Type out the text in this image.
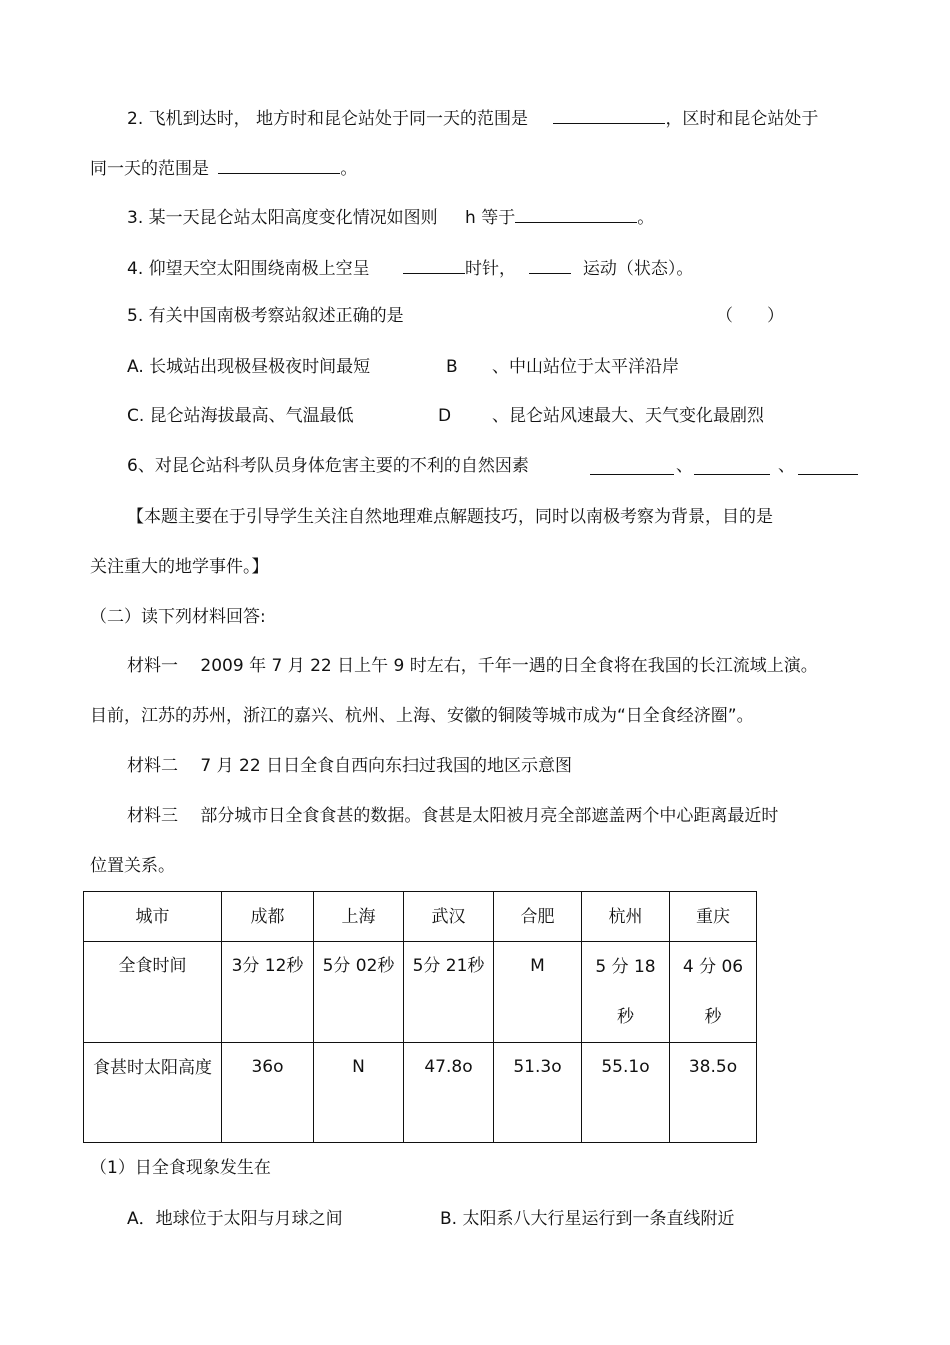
2. 飞机到达时， 地方时和昆仑站处于同一天的范围是	，区时和昆仑站处于
同一天的范围是	。
3. 某一天昆仑站太阳高度变化情况如图则 h 等于	。
4. 仰望天空太阳围绕南极上空呈	时针，	运动（状态）。
5. 有关中国南极考察站叙述正确的是	（　　）
A. 长城站出现极昼极夜时间最短	B 、中山站位于太平洋沿岸
C. 昆仑站海拔最高、气温最低	D 、昆仑站风速最大、天气变化最剧烈
6、对昆仑站科考队员身体危害主要的不利的自然因素	、	、
【本题主要在于引导学生关注自然地理难点解题技巧，同时以南极考察为背景，目的是
关注重大的地学事件。】
（二）读下列材料回答:
材料一　 2009 年 7 月 22 日上午 9 时左右，千年一遇的日全食将在我国的长江流域上演。
目前，江苏的苏州，浙江的嘉兴、杭州、上海、安徽的铜陵等城市成为“日全食经济圈”。
材料二　 7 月 22 日日全食自西向东扫过我国的地区示意图
材料三　 部分城市日全食食甚的数据。食甚是太阳被月亮全部遮盖两个中心距离最近时
位置关系。
城市	成都	上海	武汉	合肥	杭州	重庆
全食时间	3分 12秒	5分 02秒	5分 21秒	M	5 分 18 秒	4 分 06 秒
食甚时太阳高度	36o	N	47.8o	51.3o	55.1o	38.5o
（1）日全食现象发生在
A．地球位于太阳与月球之间	B. 太阳系八大行星运行到一条直线附近
